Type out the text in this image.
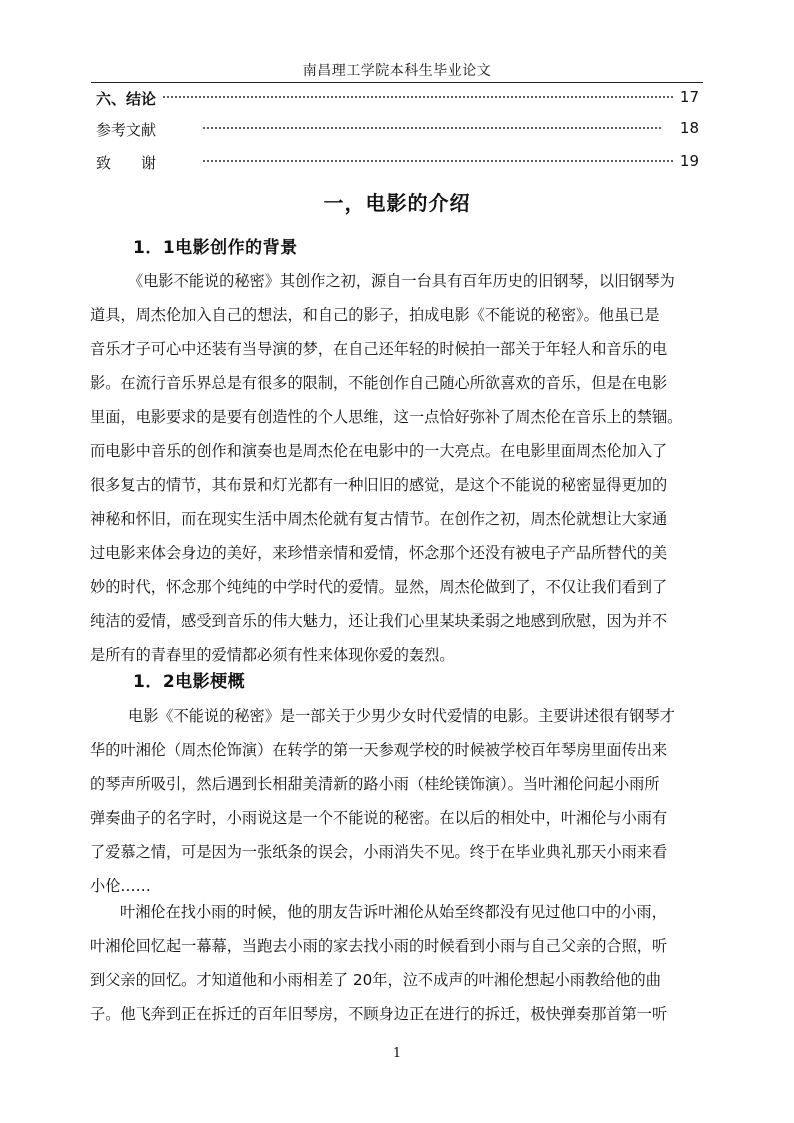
南昌理工学院本科生毕业论文
六、结论	17
参考文献	18
致　　谢	19
一，电影的介绍
1．1电影创作的背景
《电影不能说的秘密》其创作之初，源自一台具有百年历史的旧钢琴，以旧钢琴为
道具，周杰伦加入自己的想法，和自己的影子，拍成电影《不能说的秘密》。他虽已是
音乐才子可心中还装有当导演的梦，在自己还年轻的时候拍一部关于年轻人和音乐的电
影。在流行音乐界总是有很多的限制，不能创作自己随心所欲喜欢的音乐，但是在电影
里面，电影要求的是要有创造性的个人思维，这一点恰好弥补了周杰伦在音乐上的禁锢。
而电影中音乐的创作和演奏也是周杰伦在电影中的一大亮点。在电影里面周杰伦加入了
很多复古的情节，其布景和灯光都有一种旧旧的感觉，是这个不能说的秘密显得更加的
神秘和怀旧，而在现实生活中周杰伦就有复古情节。在创作之初，周杰伦就想让大家通
过电影来体会身边的美好，来珍惜亲情和爱情，怀念那个还没有被电子产品所替代的美
妙的时代，怀念那个纯纯的中学时代的爱情。显然，周杰伦做到了，不仅让我们看到了
纯洁的爱情，感受到音乐的伟大魅力，还让我们心里某块柔弱之地感到欣慰，因为并不
是所有的青春里的爱情都必须有性来体现你爱的轰烈。
1．2电影梗概
电影《不能说的秘密》是一部关于少男少女时代爱情的电影。主要讲述很有钢琴才
华的叶湘伦（周杰伦饰演）在转学的第一天参观学校的时候被学校百年琴房里面传出来
的琴声所吸引，然后遇到长相甜美清新的路小雨（桂纶镁饰演）。当叶湘伦问起小雨所
弹奏曲子的名字时，小雨说这是一个不能说的秘密。在以后的相处中，叶湘伦与小雨有
了爱慕之情，可是因为一张纸条的误会，小雨消失不见。终于在毕业典礼那天小雨来看
小伦……
叶湘伦在找小雨的时候，他的朋友告诉叶湘伦从始至终都没有见过他口中的小雨，
叶湘伦回忆起一幕幕，当跑去小雨的家去找小雨的时候看到小雨与自己父亲的合照，听
到父亲的回忆。才知道他和小雨相差了 20年，泣不成声的叶湘伦想起小雨教给他的曲
子。他飞奔到正在拆迁的百年旧琴房，不顾身边正在进行的拆迁，极快弹奏那首第一听
1
